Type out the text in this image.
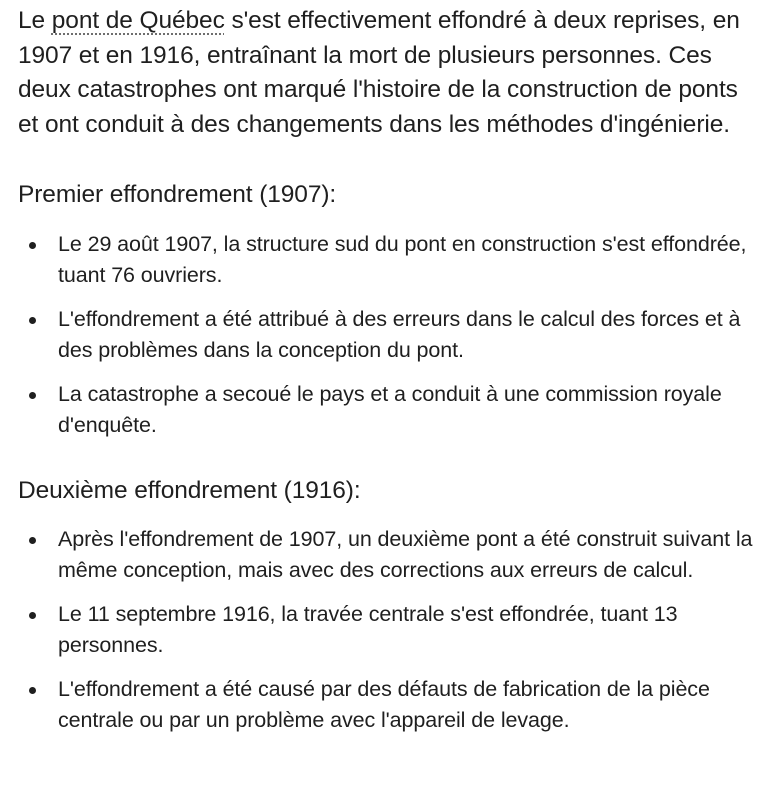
Le pont de Québec s'est effectivement effondré à deux reprises, en 1907 et en 1916, entraînant la mort de plusieurs personnes. Ces deux catastrophes ont marqué l'histoire de la construction de ponts et ont conduit à des changements dans les méthodes d'ingénierie.

Premier effondrement (1907):
Le 29 août 1907, la structure sud du pont en construction s'est effondrée, tuant 76 ouvriers.
L'effondrement a été attribué à des erreurs dans le calcul des forces et à des problèmes dans la conception du pont.
La catastrophe a secoué le pays et a conduit à une commission royale d'enquête.
Deuxième effondrement (1916):
Après l'effondrement de 1907, un deuxième pont a été construit suivant la même conception, mais avec des corrections aux erreurs de calcul.
Le 11 septembre 1916, la travée centrale s'est effondrée, tuant 13 personnes.
L'effondrement a été causé par des défauts de fabrication de la pièce centrale ou par un problème avec l'appareil de levage.
